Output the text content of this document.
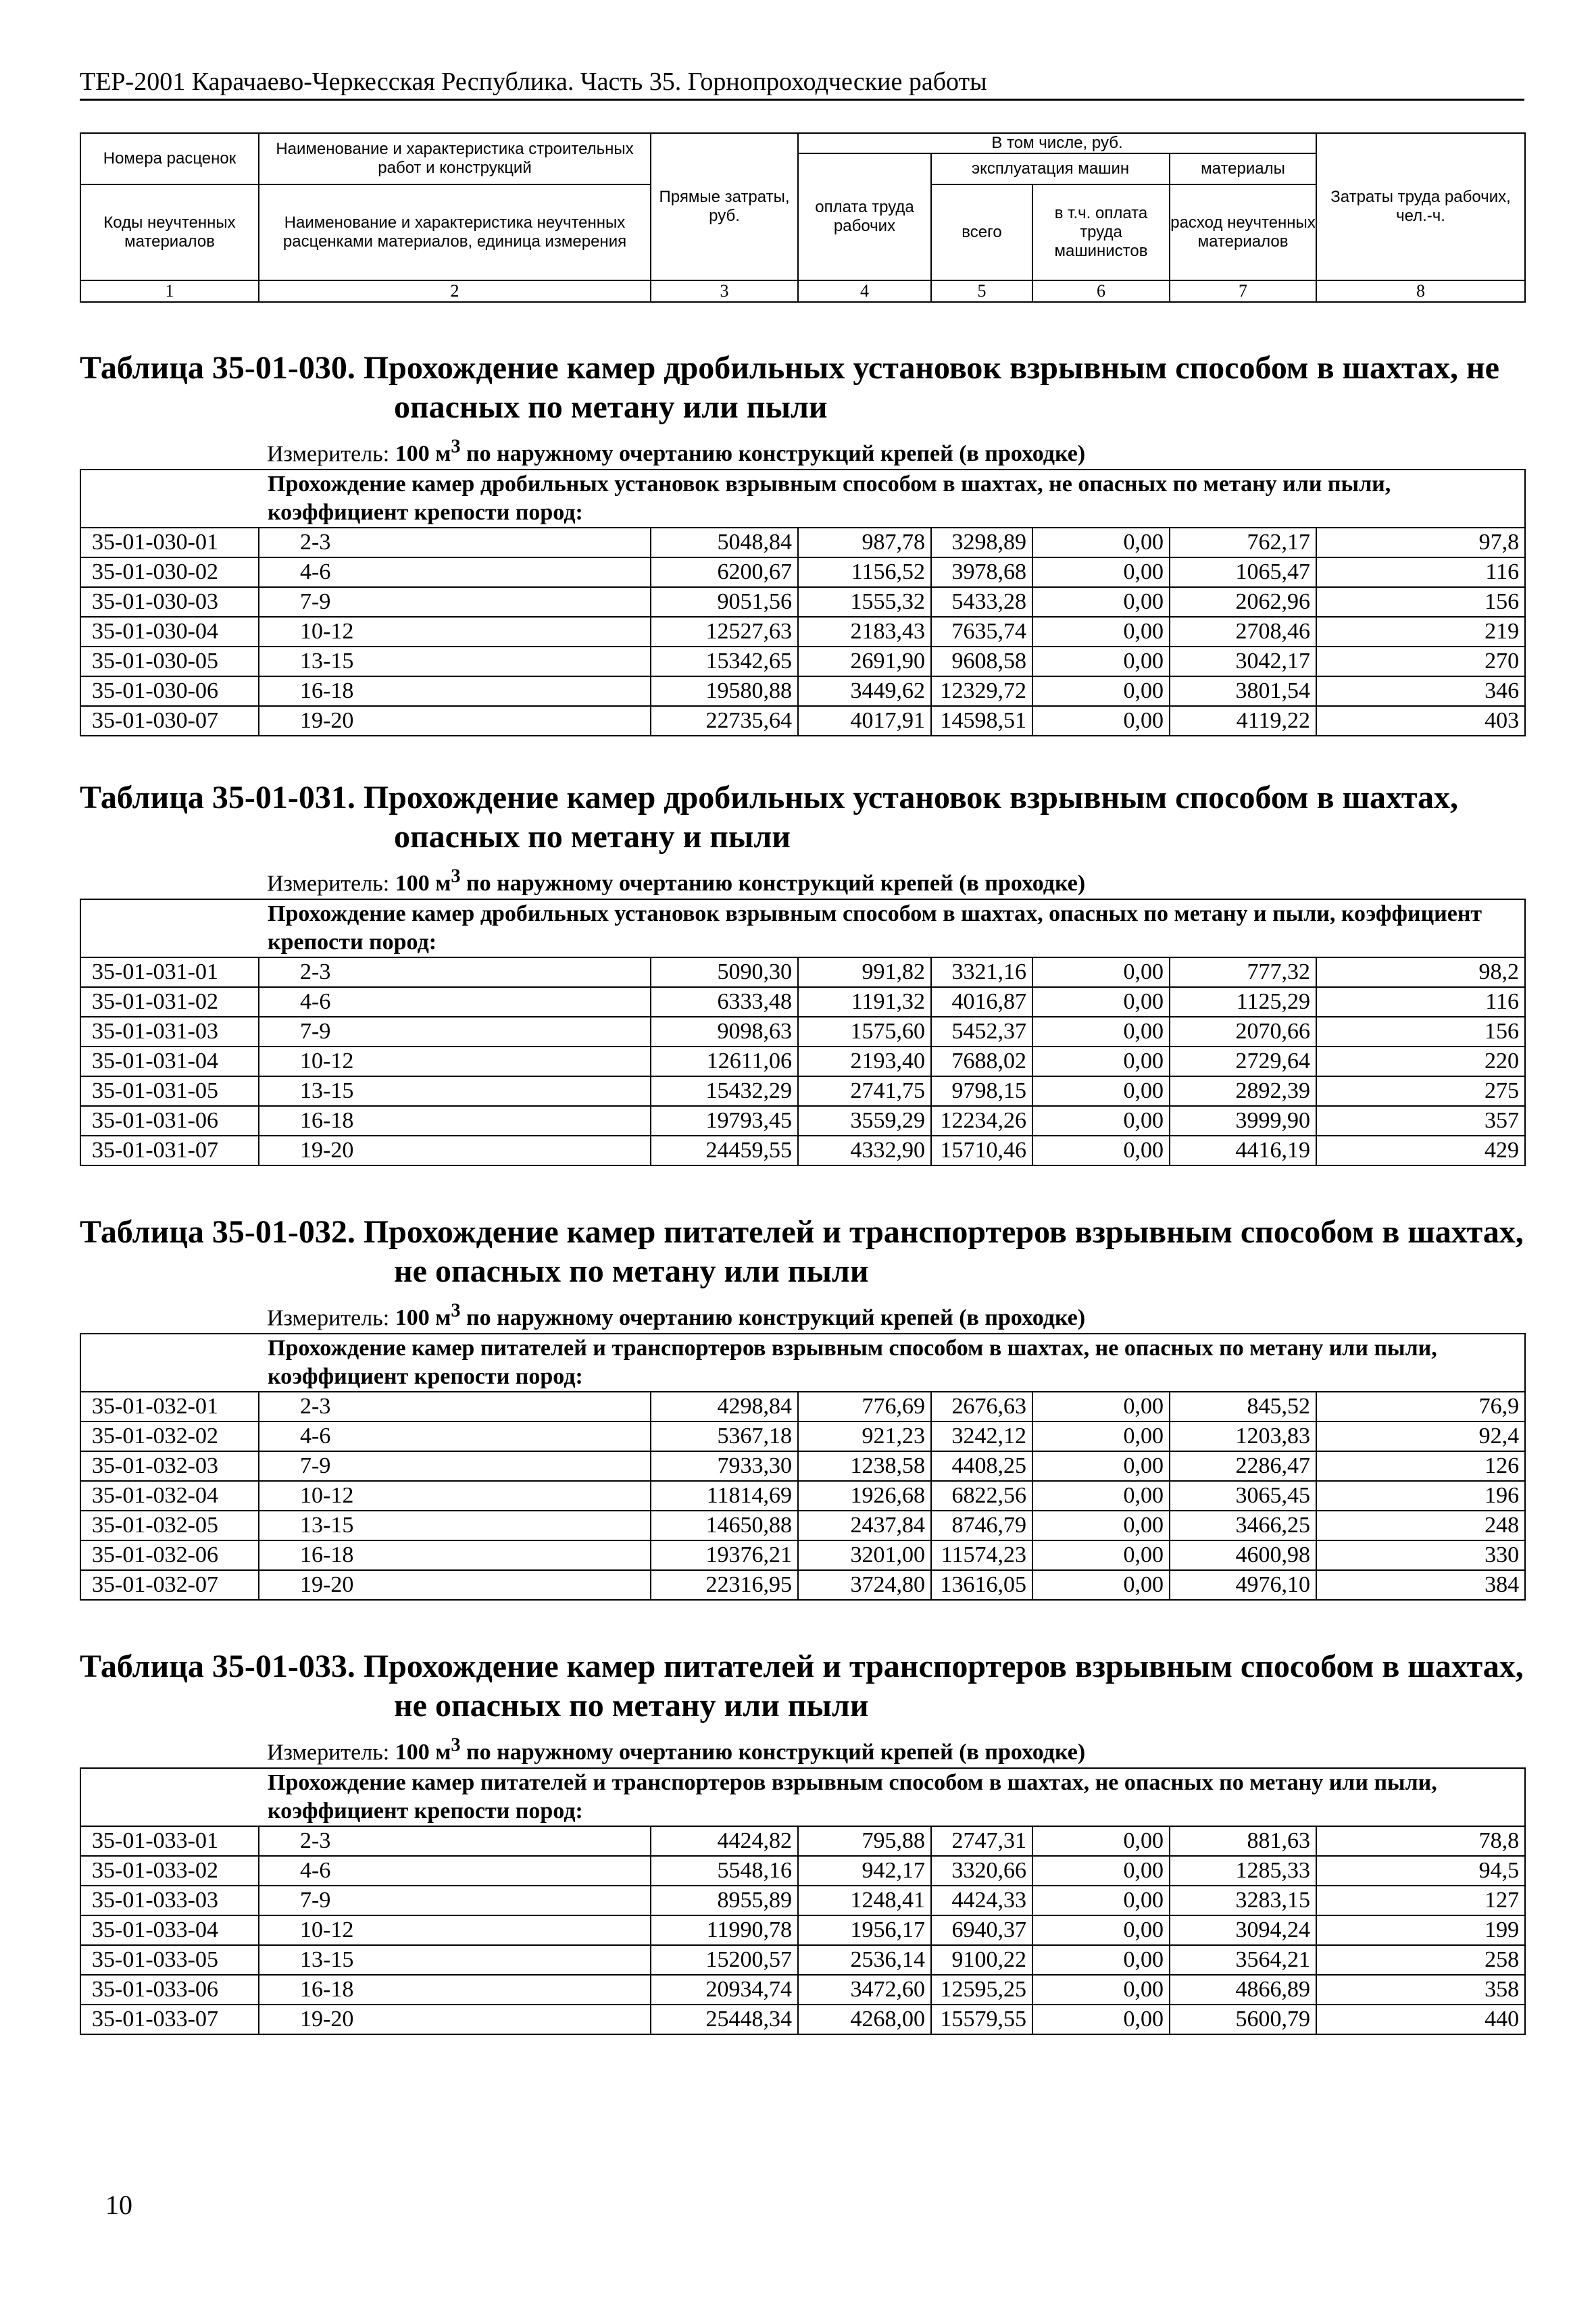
ТЕР-2001 Карачаево-Черкесская Республика. Часть 35. Горнопроходческие работы
Номера расценок	Наименование и характеристика строительных работ и конструкций	Прямые затраты, руб.	В том числе, руб.				Затраты труда рабочих, чел.-ч.
			оплата труда рабочих	эксплуатация машин		материалы	
Коды неучтенных материалов	Наименование и характеристика неучтенных расценками материалов, единица измерения			всего	в т.ч. оплата труда машинистов	расход неучтенных материалов	

1	2	3	4	5	6	7	8
Таблица 35-01-030. Прохождение камер дробильных установок взрывным способом в шахтах, не опасных по метану или пыли
Измеритель: 100 $м^3$ по наружному очертанию конструкций крепей (в проходке)
Прохождение камер дробильных установок взрывным способом в шахтах, не опасных по метану или пыли, коэффициент крепости пород:							
35-01-030-01	2-3	5048,84	987,78	3298,89	0,00	762,17	97,8
35-01-030-02	4-6	6200,67	1156,52	3978,68	0,00	1065,47	116
35-01-030-03	7-9	9051,56	1555,32	5433,28	0,00	2062,96	156
35-01-030-04	10-12	12527,63	2183,43	7635,74	0,00	2708,46	219
35-01-030-05	13-15	15342,65	2691,90	9608,58	0,00	3042,17	270
35-01-030-06	16-18	19580,88	3449,62	12329,72	0,00	3801,54	346
35-01-030-07	19-20	22735,64	4017,91	14598,51	0,00	4119,22	403
Таблица 35-01-031. Прохождение камер дробильных установок взрывным способом в шахтах, опасных по метану и пыли
Измеритель: 100 $м^3$ по наружному очертанию конструкций крепей (в проходке)
Прохождение камер дробильных установок взрывным способом в шахтах, опасных по метану и пыли, коэффициент крепости пород:							
35-01-031-01	2-3	5090,30	991,82	3321,16	0,00	777,32	98,2
35-01-031-02	4-6	6333,48	1191,32	4016,87	0,00	1125,29	116
35-01-031-03	7-9	9098,63	1575,60	5452,37	0,00	2070,66	156
35-01-031-04	10-12	12611,06	2193,40	7688,02	0,00	2729,64	220
35-01-031-05	13-15	15432,29	2741,75	9798,15	0,00	2892,39	275
35-01-031-06	16-18	19793,45	3559,29	12234,26	0,00	3999,90	357
35-01-031-07	19-20	24459,55	4332,90	15710,46	0,00	4416,19	429
Таблица 35-01-032. Прохождение камер питателей и транспортеров взрывным способом в шахтах, не опасных по метану или пыли
Измеритель: 100 $м^3$ по наружному очертанию конструкций крепей (в проходке)
Прохождение камер питателей и транспортеров взрывным способом в шахтах, не опасных по метану или пыли, коэффициент крепости пород:							
35-01-032-01	2-3	4298,84	776,69	2676,63	0,00	845,52	76,9
35-01-032-02	4-6	5367,18	921,23	3242,12	0,00	1203,83	92,4
35-01-032-03	7-9	7933,30	1238,58	4408,25	0,00	2286,47	126
35-01-032-04	10-12	11814,69	1926,68	6822,56	0,00	3065,45	196
35-01-032-05	13-15	14650,88	2437,84	8746,79	0,00	3466,25	248
35-01-032-06	16-18	19376,21	3201,00	11574,23	0,00	4600,98	330
35-01-032-07	19-20	22316,95	3724,80	13616,05	0,00	4976,10	384
Таблица 35-01-033. Прохождение камер питателей и транспортеров взрывным способом в шахтах, не опасных по метану или пыли
Измеритель: 100 $м^3$ по наружному очертанию конструкций крепей (в проходке)
Прохождение камер питателей и транспортеров взрывным способом в шахтах, не опасных по метану или пыли, коэффициент крепости пород:							
35-01-033-01	2-3	4424,82	795,88	2747,31	0,00	881,63	78,8
35-01-033-02	4-6	5548,16	942,17	3320,66	0,00	1285,33	94,5
35-01-033-03	7-9	8955,89	1248,41	4424,33	0,00	3283,15	127
35-01-033-04	10-12	11990,78	1956,17	6940,37	0,00	3094,24	199
35-01-033-05	13-15	15200,57	2536,14	9100,22	0,00	3564,21	258
35-01-033-06	16-18	20934,74	3472,60	12595,25	0,00	4866,89	358
35-01-033-07	19-20	25448,34	4268,00	15579,55	0,00	5600,79	440
10
